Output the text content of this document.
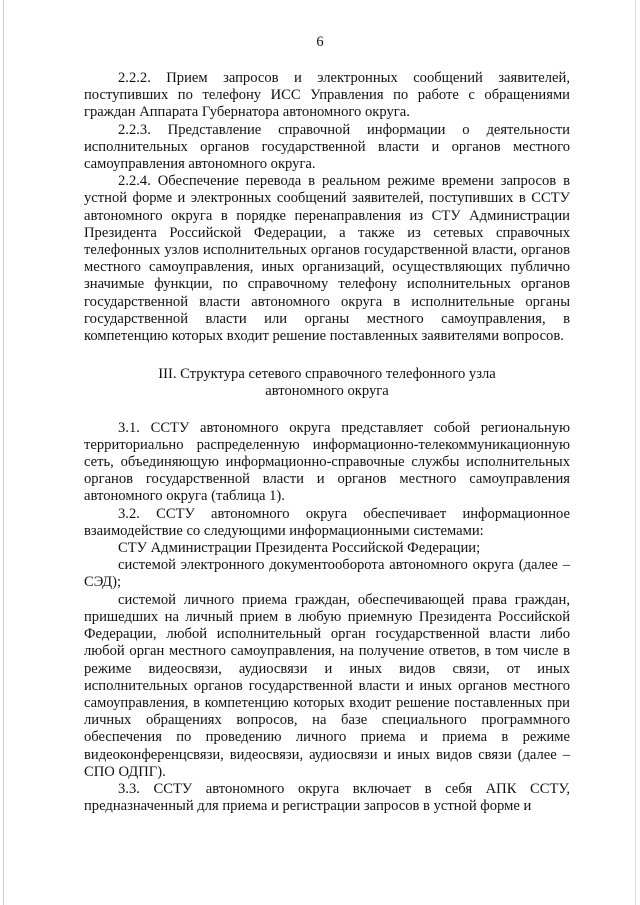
6

2.2.2. Прием запросов и электронных сообщений заявителей, поступивших по телефону ИСС Управления по работе с обращениями граждан Аппарата Губернатора автономного округа.

2.2.3. Представление справочной информации о деятельности исполнительных органов государственной власти и органов местного самоуправления автономного округа.

2.2.4. Обеспечение перевода в реальном режиме времени запросов в устной форме и электронных сообщений заявителей, поступивших в ССТУ автономного округа в порядке перенаправления из СТУ Администрации Президента Российской Федерации, а также из сетевых справочных телефонных узлов исполнительных органов государственной власти, органов местного самоуправления, иных организаций, осуществляющих публично значимые функции, по справочному телефону исполнительных органов государственной власти автономного округа в исполнительные органы государственной власти или органы местного самоуправления, в компетенцию которых входит решение поставленных заявителями вопросов.

III. Структура сетевого справочного телефонного узла автономного округа

3.1. ССТУ автономного округа представляет собой региональную территориально распределенную информационно-телекоммуникационную сеть, объединяющую информационно-справочные службы исполнительных органов государственной власти и органов местного самоуправления автономного округа (таблица 1).

3.2. ССТУ автономного округа обеспечивает информационное взаимодействие со следующими информационными системами:

СТУ Администрации Президента Российской Федерации;

системой электронного документооборота автономного округа (далее – СЭД);

системой личного приема граждан, обеспечивающей права граждан, пришедших на личный прием в любую приемную Президента Российской Федерации, любой исполнительный орган государственной власти либо любой орган местного самоуправления, на получение ответов, в том числе в режиме видеосвязи, аудиосвязи и иных видов связи, от иных исполнительных органов государственной власти и иных органов местного самоуправления, в компетенцию которых входит решение поставленных при личных обращениях вопросов, на базе специального программного обеспечения по проведению личного приема и приема в режиме видеоконференцсвязи, видеосвязи, аудиосвязи и иных видов связи (далее – СПО ОДПГ).

3.3. ССТУ автономного округа включает в себя АПК ССТУ, предназначенный для приема и регистрации запросов в устной форме и
